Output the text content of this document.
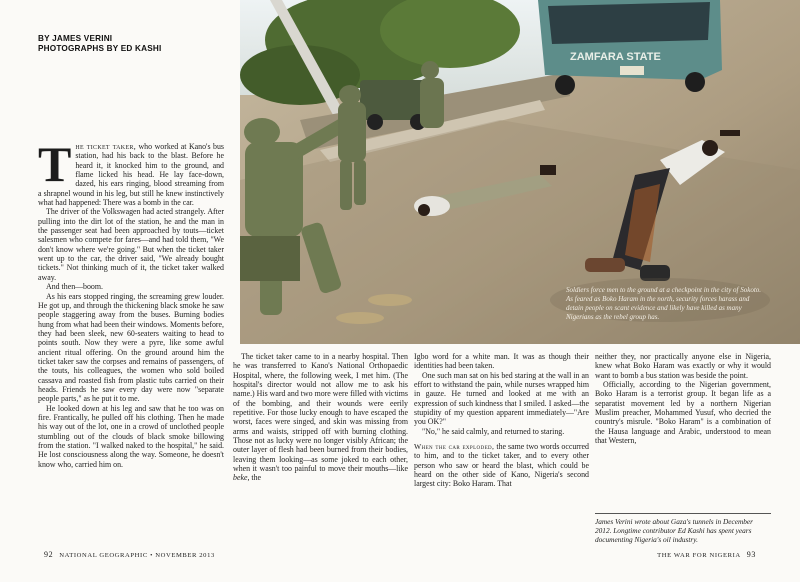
BY JAMES VERINI
PHOTOGRAPHS BY ED KASHI
ZAMFARA STATE
Soldiers force men to the ground at a checkpoint in the city of Sokoto. As feared as Boko Haram in the north, security forces harass and detain people on scant evidence and likely have killed as many Nigerians as the rebel group has.

The ticket taker, who worked at Kano's bus station, had his back to the blast. Before he heard it, it knocked him to the ground, and flame licked his head. He lay face-down, dazed, his ears ringing, blood streaming from a shrapnel wound in his leg, but still he knew instinctively what had happened: There was a bomb in the car.

The driver of the Volkswagen had acted strangely. After pulling into the dirt lot of the station, he and the man in the passenger seat had been approached by touts—ticket salesmen who compete for fares—and had told them, "We don't know where we're going." But when the ticket taker went up to the car, the driver said, "We already bought tickets." Not thinking much of it, the ticket taker walked away.

And then—boom.

As his ears stopped ringing, the screaming grew louder. He got up, and through the thickening black smoke he saw people staggering away from the buses. Burning bodies hung from what had been their windows. Moments before, they had been sleek, new 60-seaters waiting to head to points south. Now they were a pyre, like some awful ancient ritual offering. On the ground around him the ticket taker saw the corpses and remains of passengers, of the touts, his colleagues, the women who sold boiled cassava and roasted fish from plastic tubs carried on their heads. Friends he saw every day were now "separate people parts," as he put it to me.

He looked down at his leg and saw that he too was on fire. Frantically, he pulled off his clothing. Then he made his way out of the lot, one in a crowd of unclothed people stumbling out of the clouds of black smoke billowing from the station. "I walked naked to the hospital," he said. He lost consciousness along the way. Someone, he doesn't know who, carried him on.

The ticket taker came to in a nearby hospital. Then he was transferred to Kano's National Orthopaedic Hospital, where, the following week, I met him. (The hospital's director would not allow me to ask his name.) His ward and two more were filled with victims of the bombing, and their wounds were eerily repetitive. For those lucky enough to have escaped the worst, faces were singed, and skin was missing from arms and waists, stripped off with burning clothing. Those not as lucky were no longer visibly African; the outer layer of flesh had been burned from their bodies, leaving them looking—as some joked to each other, when it wasn't too painful to move their mouths—like beke, the

Igbo word for a white man. It was as though their identities had been taken.

One such man sat on his bed staring at the wall in an effort to withstand the pain, while nurses wrapped him in gauze. He turned and looked at me with an expression of such kindness that I smiled. I asked—the stupidity of my question apparent immediately—"Are you OK?"

"No," he said calmly, and returned to staring.

When the car exploded, the same two words occurred to him, and to the ticket taker, and to every other person who saw or heard the blast, which could be heard on the other side of Kano, Nigeria's second largest city: Boko Haram. That

neither they, nor practically anyone else in Nigeria, knew what Boko Haram was exactly or why it would want to bomb a bus station was beside the point.

Officially, according to the Nigerian government, Boko Haram is a terrorist group. It began life as a separatist movement led by a northern Nigerian Muslim preacher, Mohammed Yusuf, who decried the country's misrule. "Boko Haram" is a combination of the Hausa language and Arabic, understood to mean that Western,

James Verini wrote about Gaza's tunnels in December 2012. Longtime contributor Ed Kashi has spent years documenting Nigeria's oil industry.
92 NATIONAL GEOGRAPHIC • NOVEMBER 2013	THE WAR FOR NIGERIA 93
